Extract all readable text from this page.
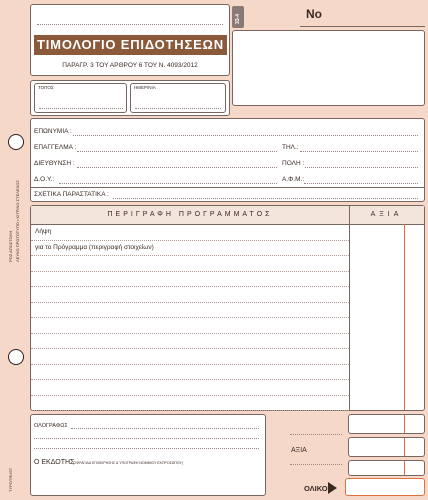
ΡΟΖ ΑΠΟΣΤΟΛΗ ΛΕΥΚΟ ΠΡΩΤΟΤΥΠΟ • ΚΙΤΡΙΝΟ ΣΤΕΛΕΧΟΣ
TYPOTRUST
ΤΙΜΟΛΟΓΙΟ ΕΠΙΔΟΤΗΣΕΩΝ
ΠΑΡΑΓΡ. 3 ΤΟΥ ΑΡΘΡΟΥ 6 ΤΟΥ Ν. 4093/2012
33-4	No
ΤΟΠΟΣ	ΗΜΕΡ/ΝΙΑ
ΕΠΩΝΥΜΙΑ :
ΕΠΑΓΓΕΛΜΑ :	ΤΗΛ.:
ΔΙΕΥΘΥΝΣΗ :	ΠΟΛΗ :
Δ.Ο.Υ.:	Α.Φ.Μ.:
ΣΧΕΤΙΚΑ ΠΑΡΑΣΤΑΤΙΚΑ :
ΠΕΡΙΓΡΑΦΗ ΠΡΟΓΡΑΜΜΑΤΟΣ	ΑΞΙΑ
Λήψη
για το Πρόγραμμα (περιγραφή στοιχείων)
ΟΛΟΓΡΑΦΩΣ
Ο ΕΚΔΟΤΗΣ
(ΣΦΡΑΓΙΔΑ ΕΠΙΧΕΙΡΗΣΗΣ & ΥΠΟΓΡΑΦΗ ΝΟΜΙΜΟΥ ΕΚΠΡΟΣΩΠΟΥ)
ΑΞΙΑ
ΟΛΙΚΟ
